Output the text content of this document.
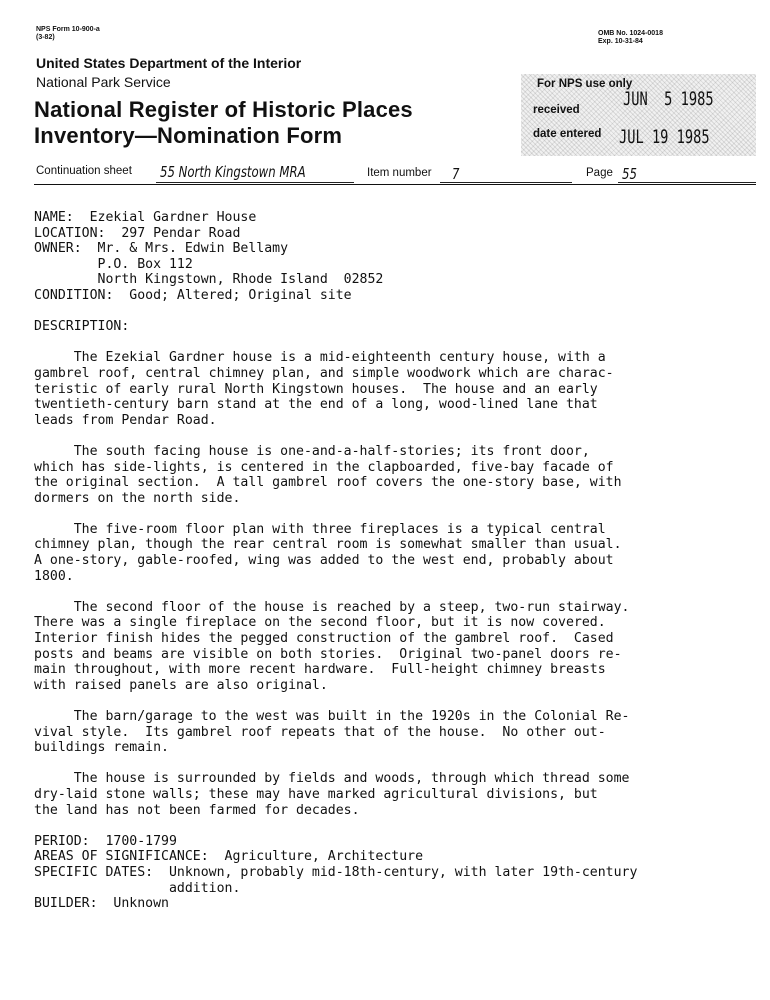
NPS Form 10-900-a
(3-82)
OMB No. 1024-0018
Exp. 10-31-84
United States Department of the Interior
National Park Service
National Register of Historic Places
Inventory—Nomination Form
For NPS use only
received JUN  5 1985
date entered JUL 19 1985
Continuation sheet 55 North Kingstown MRA	Item number 7	Page 55
NAME:  Ezekial Gardner House
LOCATION:  297 Pendar Road
OWNER:  Mr. & Mrs. Edwin Bellamy
P.O. Box 112
North Kingstown, Rhode Island  02852
CONDITION:  Good; Altered; Original site
DESCRIPTION:
The Ezekial Gardner house is a mid-eighteenth century house, with a
gambrel roof, central chimney plan, and simple woodwork which are charac-
teristic of early rural North Kingstown houses.  The house and an early
twentieth-century barn stand at the end of a long, wood-lined lane that
leads from Pendar Road.
The south facing house is one-and-a-half-stories; its front door,
which has side-lights, is centered in the clapboarded, five-bay facade of
the original section.  A tall gambrel roof covers the one-story base, with
dormers on the north side.
The five-room floor plan with three fireplaces is a typical central
chimney plan, though the rear central room is somewhat smaller than usual.
A one-story, gable-roofed, wing was added to the west end, probably about
1800.
The second floor of the house is reached by a steep, two-run stairway.
There was a single fireplace on the second floor, but it is now covered.
Interior finish hides the pegged construction of the gambrel roof.  Cased
posts and beams are visible on both stories.  Original two-panel doors re-
main throughout, with more recent hardware.  Full-height chimney breasts
with raised panels are also original.
The barn/garage to the west was built in the 1920s in the Colonial Re-
vival style.  Its gambrel roof repeats that of the house.  No other out-
buildings remain.
The house is surrounded by fields and woods, through which thread some
dry-laid stone walls; these may have marked agricultural divisions, but
the land has not been farmed for decades.
PERIOD:  1700-1799
AREAS OF SIGNIFICANCE:  Agriculture, Architecture
SPECIFIC DATES:  Unknown, probably mid-18th-century, with later 19th-century
addition.
BUILDER:  Unknown
